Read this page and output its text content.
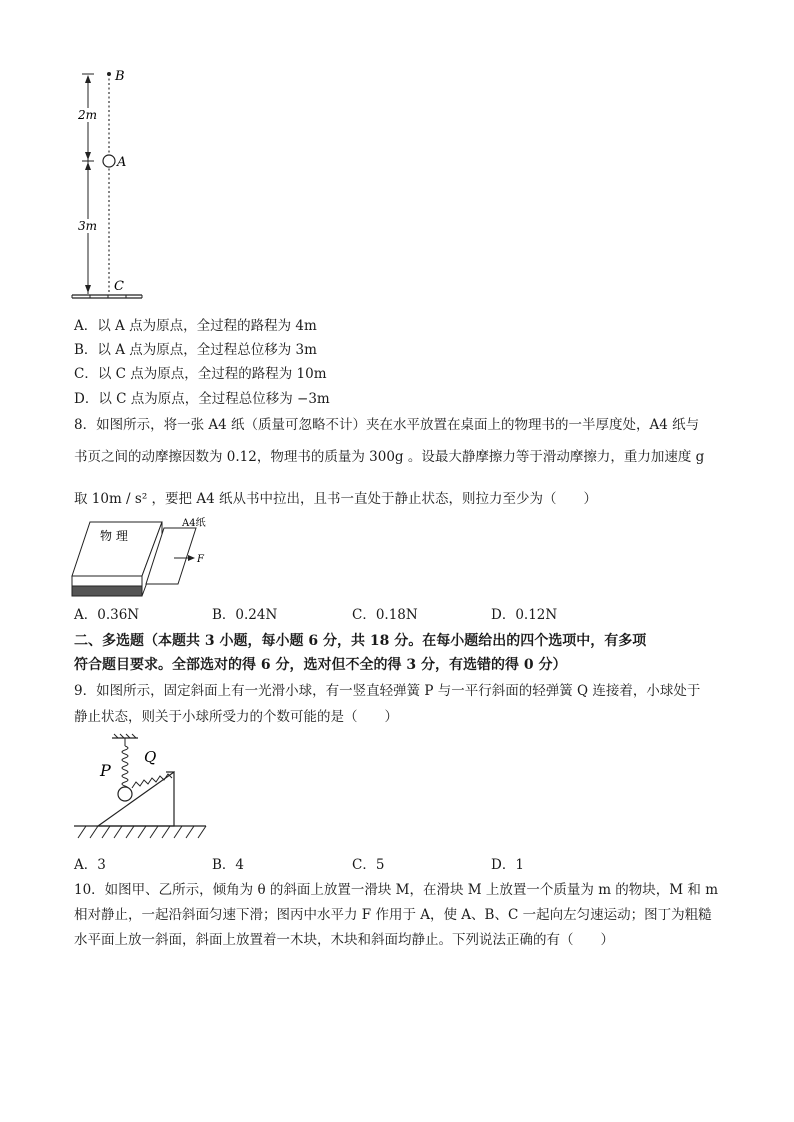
B
A
C
2m
3m
A．以 A 点为原点，全过程的路程为 4m
B．以 A 点为原点，全过程总位移为 3m
C．以 C 点为原点，全过程的路程为 10m
D．以 C 点为原点，全过程总位移为 −3m
8．如图所示，将一张 A4 纸（质量可忽略不计）夹在水平放置在桌面上的物理书的一半厚度处，A4 纸与
书页之间的动摩擦因数为 0.12，物理书的质量为 300g 。设最大静摩擦力等于滑动摩擦力，重力加速度 g
取 10m / s² ，要把 A4 纸从书中拉出，且书一直处于静止状态，则拉力至少为（　　）
物 理
A4纸
F
A．0.36N	B．0.24N	C．0.18N	D．0.12N
二、多选题（本题共 3 小题，每小题 6 分，共 18 分。在每小题给出的四个选项中，有多项
符合题目要求。全部选对的得 6 分，选对但不全的得 3 分，有选错的得 0 分）
9．如图所示，固定斜面上有一光滑小球，有一竖直轻弹簧 P 与一平行斜面的轻弹簧 Q 连接着，小球处于
静止状态，则关于小球所受力的个数可能的是（　　）
P
Q
A．3	B．4	C．5	D．1
10．如图甲、乙所示，倾角为 θ 的斜面上放置一滑块 M，在滑块 M 上放置一个质量为 m 的物块，M 和 m
相对静止，一起沿斜面匀速下滑；图丙中水平力 F 作用于 A，使 A、B、C 一起向左匀速运动；图丁为粗糙
水平面上放一斜面，斜面上放置着一木块，木块和斜面均静止。下列说法正确的有（　　）
